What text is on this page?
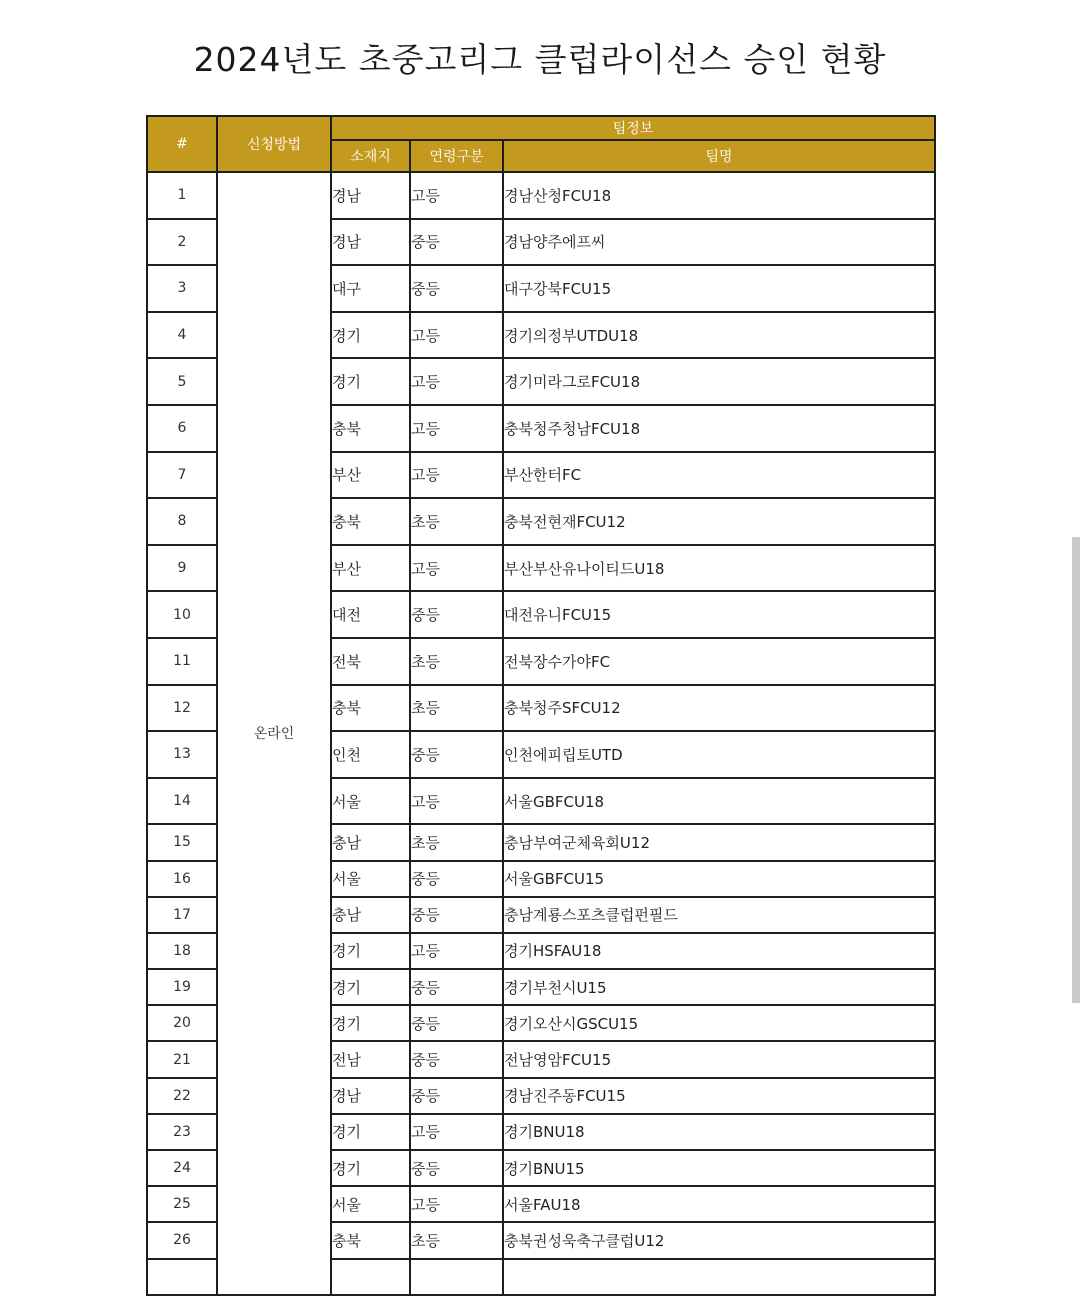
2024년도 초중고리그 클럽라이선스 승인 현황
#	신청방법	팀정보		
		소재지	연령구분	팀명
1	온라인	경남	고등	경남산청FCU18
2		경남	중등	경남양주에프씨
3		대구	중등	대구강북FCU15
4		경기	고등	경기의정부UTDU18
5		경기	고등	경기미라그로FCU18
6		충북	고등	충북청주청남FCU18
7		부산	고등	부산한터FC
8		충북	초등	충북전현재FCU12
9		부산	고등	부산부산유나이티드U18
10		대전	중등	대전유니FCU15
11		전북	초등	전북장수가야FC
12		충북	초등	충북청주SFCU12
13		인천	중등	인천에피립토UTD
14		서울	고등	서울GBFCU18
15		충남	초등	충남부여군체육회U12
16		서울	중등	서울GBFCU15
17		충남	중등	충남계룡스포츠클럽펀필드
18		경기	고등	경기HSFAU18
19		경기	중등	경기부천시U15
20		경기	중등	경기오산시GSCU15
21		전남	중등	전남영암FCU15
22		경남	중등	경남진주동FCU15
23		경기	고등	경기BNU18
24		경기	중등	경기BNU15
25		서울	고등	서울FAU18
26		충북	초등	충북권성욱축구클럽U12
